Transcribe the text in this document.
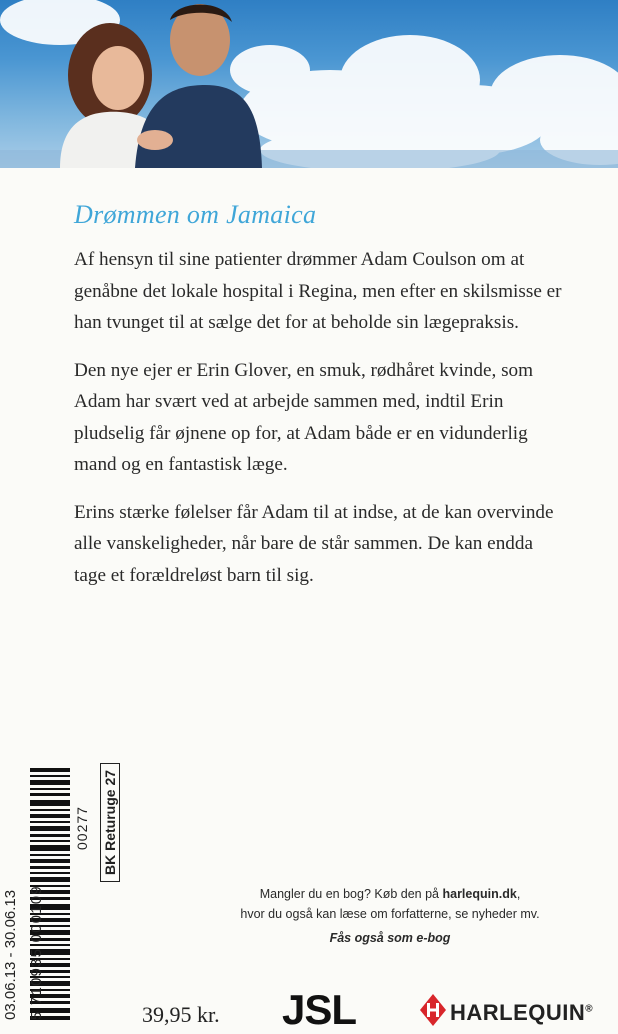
Drømmen om Jamaica

Af hensyn til sine patienter drømmer Adam Coulson om at genåbne det lokale hospital i Regina, men efter en skilsmisse er han tvunget til at sælge det for at beholde sin lægepraksis.

Den nye ejer er Erin Glover, en smuk, rødhåret kvinde, som Adam har svært ved at arbejde sammen med, indtil Erin pludselig får øjnene op for, at Adam både er en vidunderlig mand og en fantastisk læge.

Erins stærke følelser får Adam til at indse, at de kan overvinde alle vanskeligheder, når bare de står sammen. De kan endda tage et forældreløst barn til sig.

03.06.13 - 30.06.13 5 710935 000109
00277 BK Returuge 27
Mangler du en bog? Køb den på harlequin.dk,
hvor du også kan læse om forfatterne, se nyheder mv.
Fås også som e-bog
39,95 kr. JSL	HARLEQUIN®
